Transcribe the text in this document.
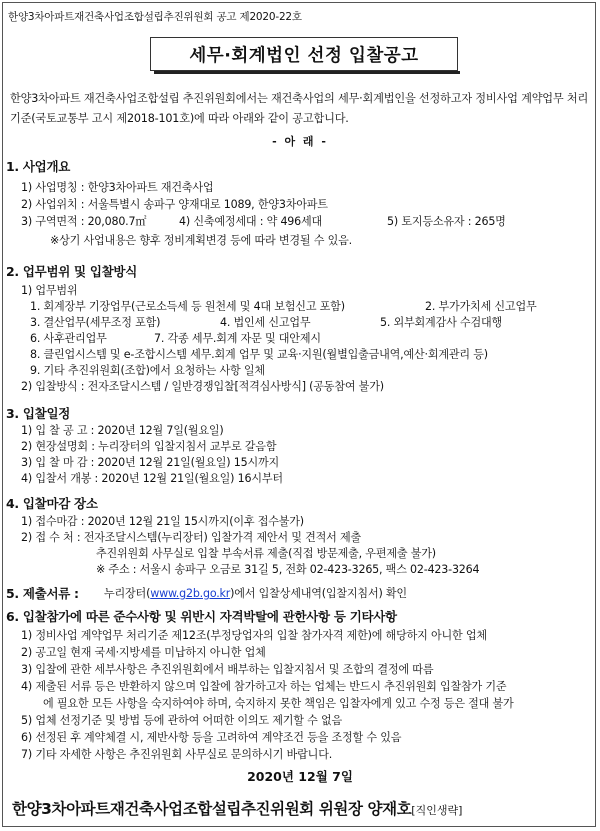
한양3차아파트재건축사업조합설립추진위원회 공고 제2020-22호
세무·회계법인 선정 입찰공고
한양3차아파트 재건축사업조합설립 추진위원회에서는 재건축사업의 세무·회계법인을 선정하고자 정비사업 계약업무 처리기준(국토교통부 고시 제2018-101호)에 따라 아래와 같이 공고합니다.
- 아 래 -
1. 사업개요
1) 사업명칭 : 한양3차아파트 재건축사업
2) 사업위치 : 서울특별시 송파구 양재대로 1089, 한양3차아파트
3) 구역면적 : 20,080.7㎡	4) 신축예정세대 : 약 496세대	5) 토지등소유자 : 265명
※상기 사업내용은 향후 정비계획변경 등에 따라 변경될 수 있음.
2. 업무범위 및 입찰방식
1) 업무범위
1. 회계장부 기장업무(근로소득세 등 원천세 및 4대 보험신고 포함)	2. 부가가치세 신고업무
3. 결산업무(세무조정 포함)	4. 법인세 신고업무	5. 외부회계감사 수검대행
6. 사후관리업무	7. 각종 세무.회계 자문 및 대안제시
8. 클린업시스템 및 e-조합시스템 세무.회계 업무 및 교육·지원(월별입출금내역,예산·회계관리 등)
9. 기타 추진위원회(조합)에서 요청하는 사항 일체
2) 입찰방식 : 전자조달시스템 / 일반경쟁입찰[적격심사방식] (공동참여 불가)
3. 입찰일정
1) 입 찰 공 고 : 2020년 12월 7일(월요일)
2) 현장설명회 : 누리장터의 입찰지침서 교부로 갈음함
3) 입 찰 마 감 : 2020년 12월 21일(월요일) 15시까지
4) 입찰서 개봉 : 2020년 12월 21일(월요일) 16시부터
4. 입찰마감 장소
1) 접수마감 : 2020년 12월 21일 15시까지(이후 접수불가)
2) 접 수 처 : 전자조달시스템(누리장터) 입찰가격 제안서 및 견적서 제출
추진위원회 사무실로 입찰 부속서류 제출(직접 방문제출, 우편제출 불가)
※ 주소 : 서울시 송파구 오금로 31길 5, 전화 02-423-3265, 팩스 02-423-3264
5. 제출서류 : 누리장터(www.g2b.go.kr)에서 입찰상세내역(입찰지침서) 확인
6. 입찰참가에 따른 준수사항 및 위반시 자격박탈에 관한사항 등 기타사항
1) 정비사업 계약업무 처리기준 제12조(부정당업자의 입찰 참가자격 제한)에 해당하지 아니한 업체
2) 공고일 현재 국세·지방세를 미납하지 아니한 업체
3) 입찰에 관한 세부사항은 추진위원회에서 배부하는 입찰지침서 및 조합의 결정에 따름
4) 제출된 서류 등은 반환하지 않으며 입찰에 참가하고자 하는 업체는 반드시 추진위원회 입찰참가 기준
에 필요한 모든 사항을 숙지하여야 하며, 숙지하지 못한 책임은 입찰자에게 있고 수정 등은 절대 불가
5) 업체 선정기준 및 방법 등에 관하여 어떠한 이의도 제기할 수 없음
6) 선정된 후 계약체결 시, 제반사항 등을 고려하여 계약조건 등을 조정할 수 있음
7) 기타 자세한 사항은 추진위원회 사무실로 문의하시기 바랍니다.
2020년 12월 7일
한양3차아파트재건축사업조합설립추진위원회 위원장 양재호[직인생략]
